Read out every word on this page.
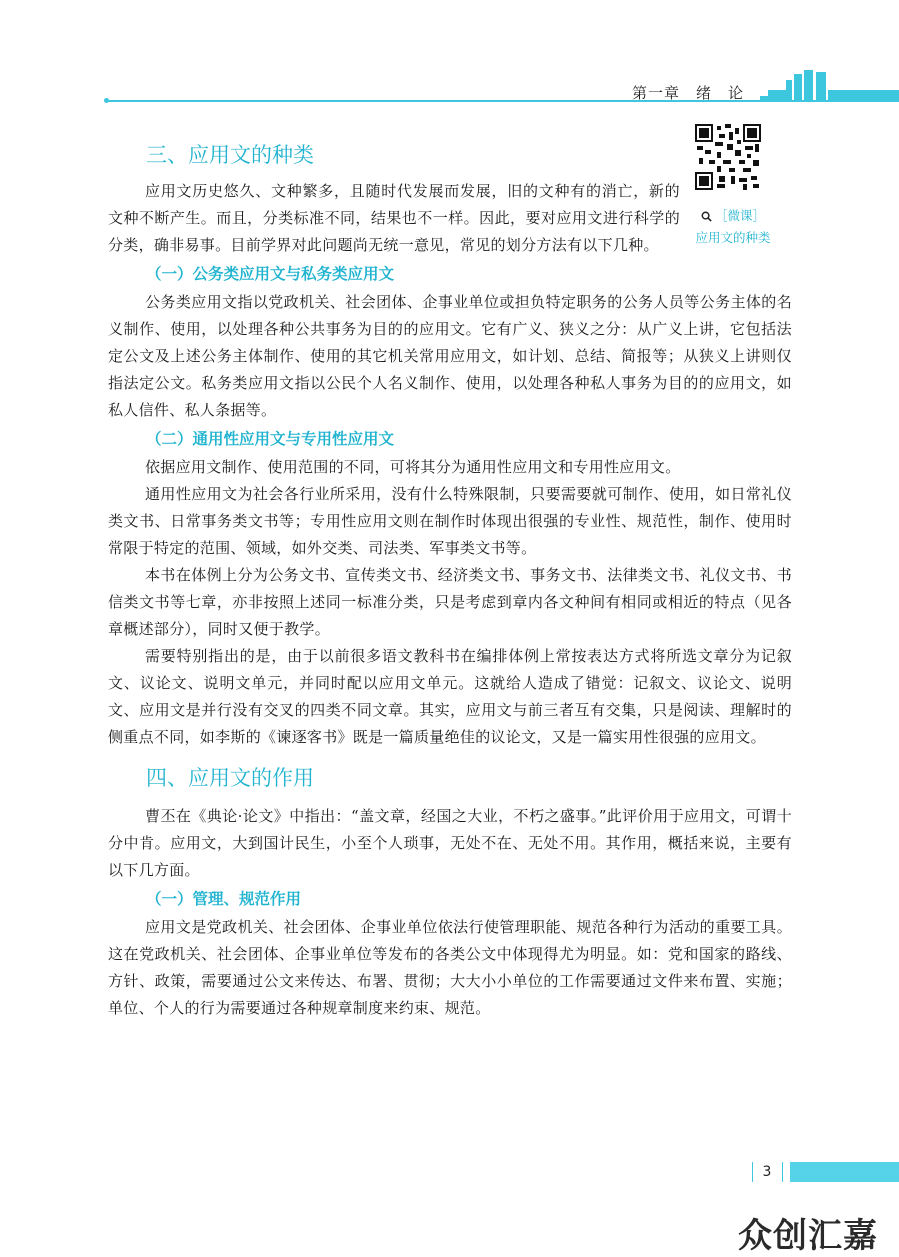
第一章　绪　论
［微课］
应用文的种类
三、应用文的种类

应用文历史悠久、文种繁多，且随时代发展而发展，旧的文种有的消亡，新的文种不断产生。而且，分类标准不同，结果也不一样。因此，要对应用文进行科学的分类，确非易事。目前学界对此问题尚无统一意见，常见的划分方法有以下几种。

（一）公务类应用文与私务类应用文

公务类应用文指以党政机关、社会团体、企事业单位或担负特定职务的公务人员等公务主体的名义制作、使用，以处理各种公共事务为目的的应用文。它有广义、狭义之分：从广义上讲，它包括法定公文及上述公务主体制作、使用的其它机关常用应用文，如计划、总结、简报等；从狭义上讲则仅指法定公文。私务类应用文指以公民个人名义制作、使用，以处理各种私人事务为目的的应用文，如私人信件、私人条据等。

（二）通用性应用文与专用性应用文

依据应用文制作、使用范围的不同，可将其分为通用性应用文和专用性应用文。

通用性应用文为社会各行业所采用，没有什么特殊限制，只要需要就可制作、使用，如日常礼仪类文书、日常事务类文书等；专用性应用文则在制作时体现出很强的专业性、规范性，制作、使用时常限于特定的范围、领域，如外交类、司法类、军事类文书等。

本书在体例上分为公务文书、宣传类文书、经济类文书、事务文书、法律类文书、礼仪文书、书信类文书等七章，亦非按照上述同一标准分类，只是考虑到章内各文种间有相同或相近的特点（见各章概述部分），同时又便于教学。

需要特别指出的是，由于以前很多语文教科书在编排体例上常按表达方式将所选文章分为记叙文、议论文、说明文单元，并同时配以应用文单元。这就给人造成了错觉：记叙文、议论文、说明文、应用文是并行没有交叉的四类不同文章。其实，应用文与前三者互有交集，只是阅读、理解时的侧重点不同，如李斯的《谏逐客书》既是一篇质量绝佳的议论文，又是一篇实用性很强的应用文。

四、应用文的作用

曹丕在《典论·论文》中指出：“盖文章，经国之大业，不朽之盛事。”此评价用于应用文，可谓十分中肯。应用文，大到国计民生，小至个人琐事，无处不在、无处不用。其作用，概括来说，主要有以下几方面。

（一）管理、规范作用

应用文是党政机关、社会团体、企事业单位依法行使管理职能、规范各种行为活动的重要工具。这在党政机关、社会团体、企事业单位等发布的各类公文中体现得尤为明显。如：党和国家的路线、方针、政策，需要通过公文来传达、布署、贯彻；大大小小单位的工作需要通过文件来布置、实施；单位、个人的行为需要通过各种规章制度来约束、规范。

3
众创汇嘉
